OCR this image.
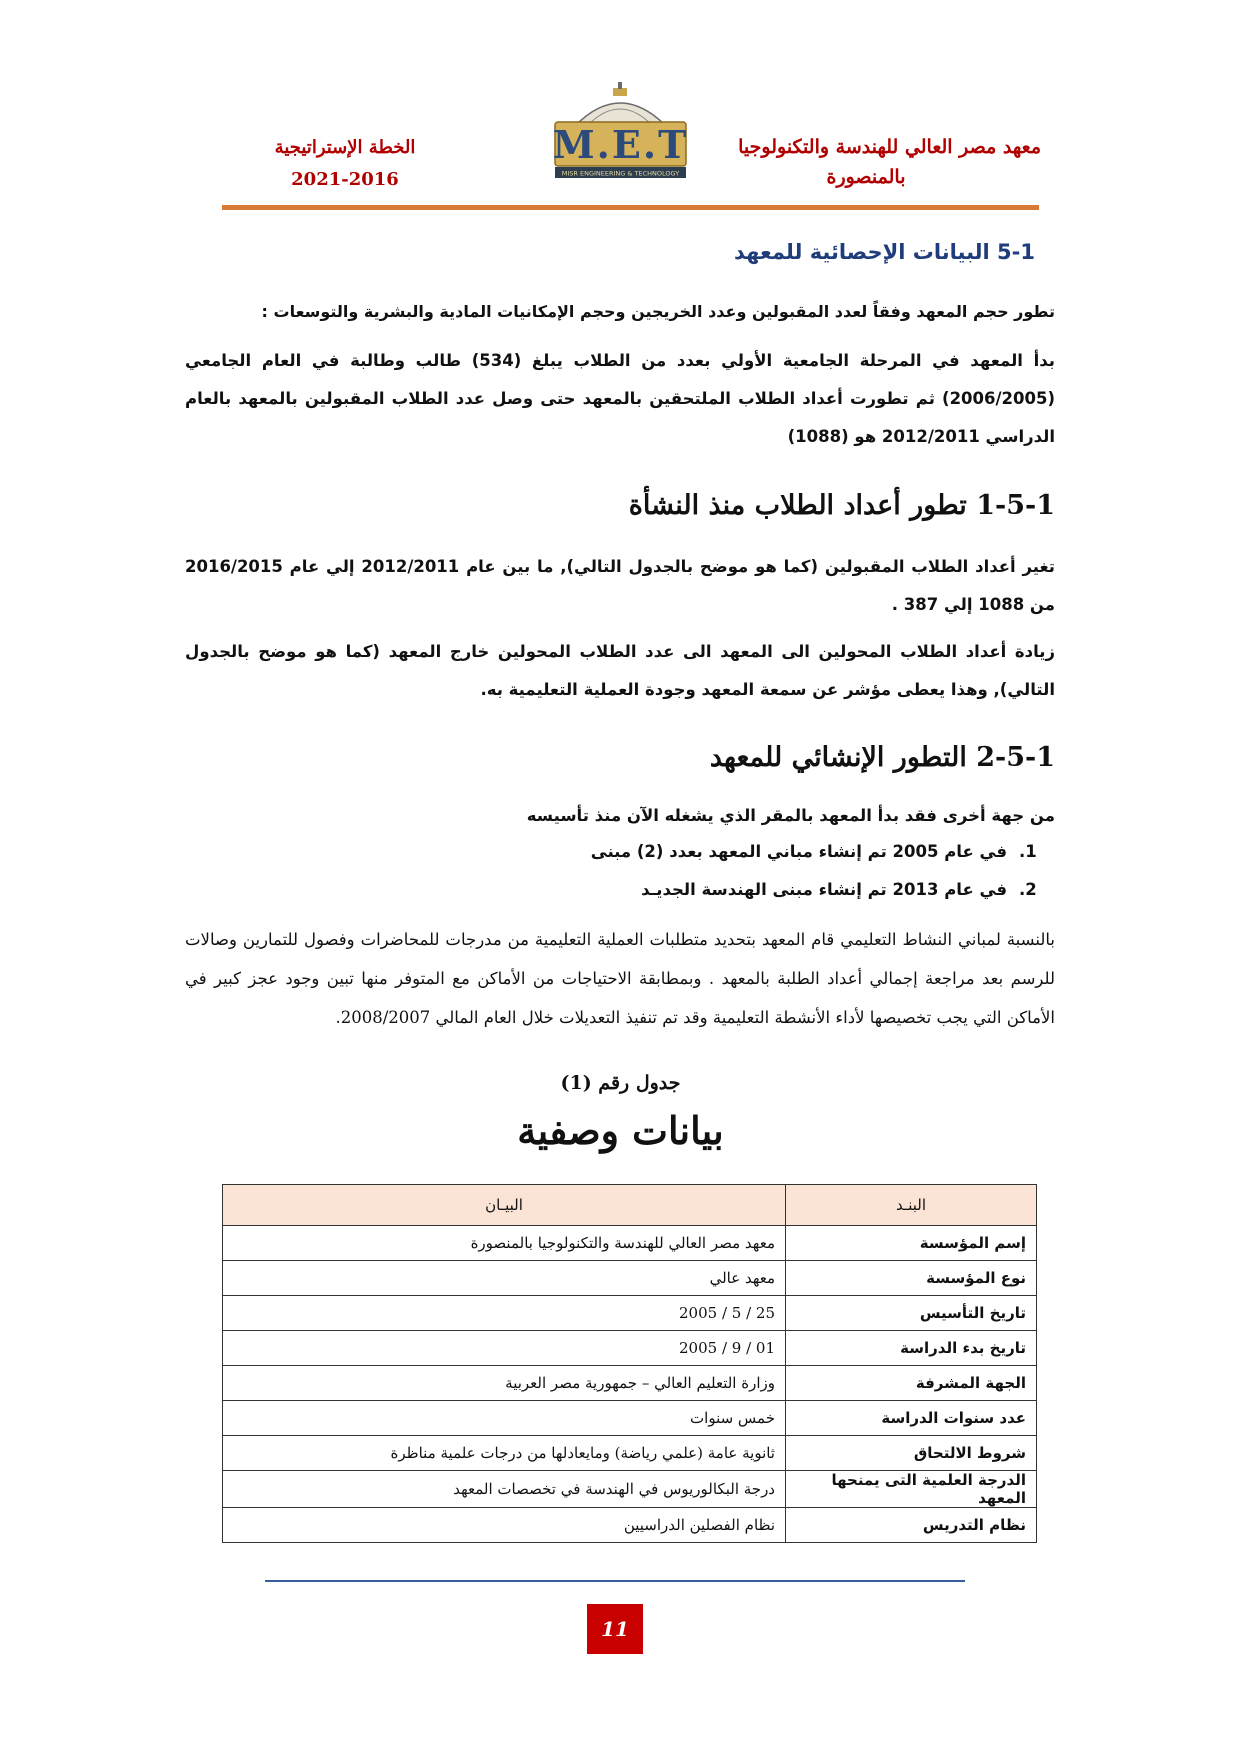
معهد مصر العالي للهندسة والتكنولوجيا
بالمنصورة
M.E.T
MISR ENGINEERING & TECHNOLOGY
الخطة الإستراتيجية
2021-2016
5-1 البيانات الإحصائية للمعهد
تطور حجم المعهد وفقاً لعدد المقبولين وعدد الخريجين وحجم الإمكانيات المادية والبشرية والتوسعات :
بدأ المعهد في المرحلة الجامعية الأولي بعدد من الطلاب يبلغ (534) طالب وطالبة في العام الجامعي (2006/2005) ثم تطورت أعداد الطلاب الملتحقين بالمعهد حتى وصل عدد الطلاب المقبولين بالمعهد بالعام الدراسي 2012/2011 هو (1088)
1-5-1 تطور أعداد الطلاب منذ النشأة
تغير أعداد الطلاب المقبولين (كما هو موضح بالجدول التالي), ما بين عام 2012/2011 إلي عام 2016/2015 من 1088 إلي 387 .
زيادة أعداد الطلاب المحولين الى المعهد الى عدد الطلاب المحولين خارج المعهد (كما هو موضح بالجدول التالي), وهذا يعطى مؤشر عن سمعة المعهد وجودة العملية التعليمية به.
2-5-1 التطور الإنشائي للمعهد
من جهة أخرى فقد بدأ المعهد بالمقر الذي يشغله الآن منذ تأسيسه
1.
في عام 2005 تم إنشاء مباني المعهد بعدد (2) مبنى
2.
في عام 2013 تم إنشاء مبنى الهندسة الجديـد
بالنسبة لمباني النشاط التعليمي قام المعهد بتحديد متطلبات العملية التعليمية من مدرجات للمحاضرات وفصول للتمارين وصالات للرسم بعد مراجعة إجمالي أعداد الطلبة بالمعهد . وبمطابقة الاحتياجات من الأماكن مع المتوفر منها تبين وجود عجز كبير في الأماكن التي يجب تخصيصها لأداء الأنشطة التعليمية وقد تم تنفيذ التعديلات خلال العام المالي 2008/2007.
جدول رقم (1)
بيانات وصفية
البنـد	البيـان
إسم المؤسسة	معهد مصر العالي للهندسة والتكنولوجيا بالمنصورة
نوع المؤسسة	معهد عالي
تاريخ التأسيس	25 / 5 / 2005
تاريخ بدء الدراسة	01 / 9 / 2005
الجهة المشرفة	وزارة التعليم العالي – جمهورية مصر العربية
عدد سنوات الدراسة	خمس سنوات
شروط الالتحاق	ثانوية عامة (علمي رياضة) ومايعادلها من درجات علمية مناظرة
الدرجة العلمية التى يمنحها المعهد	درجة البكالوريوس في الهندسة في تخصصات المعهد
نظام التدريس	نظام الفصلين الدراسيين
11
